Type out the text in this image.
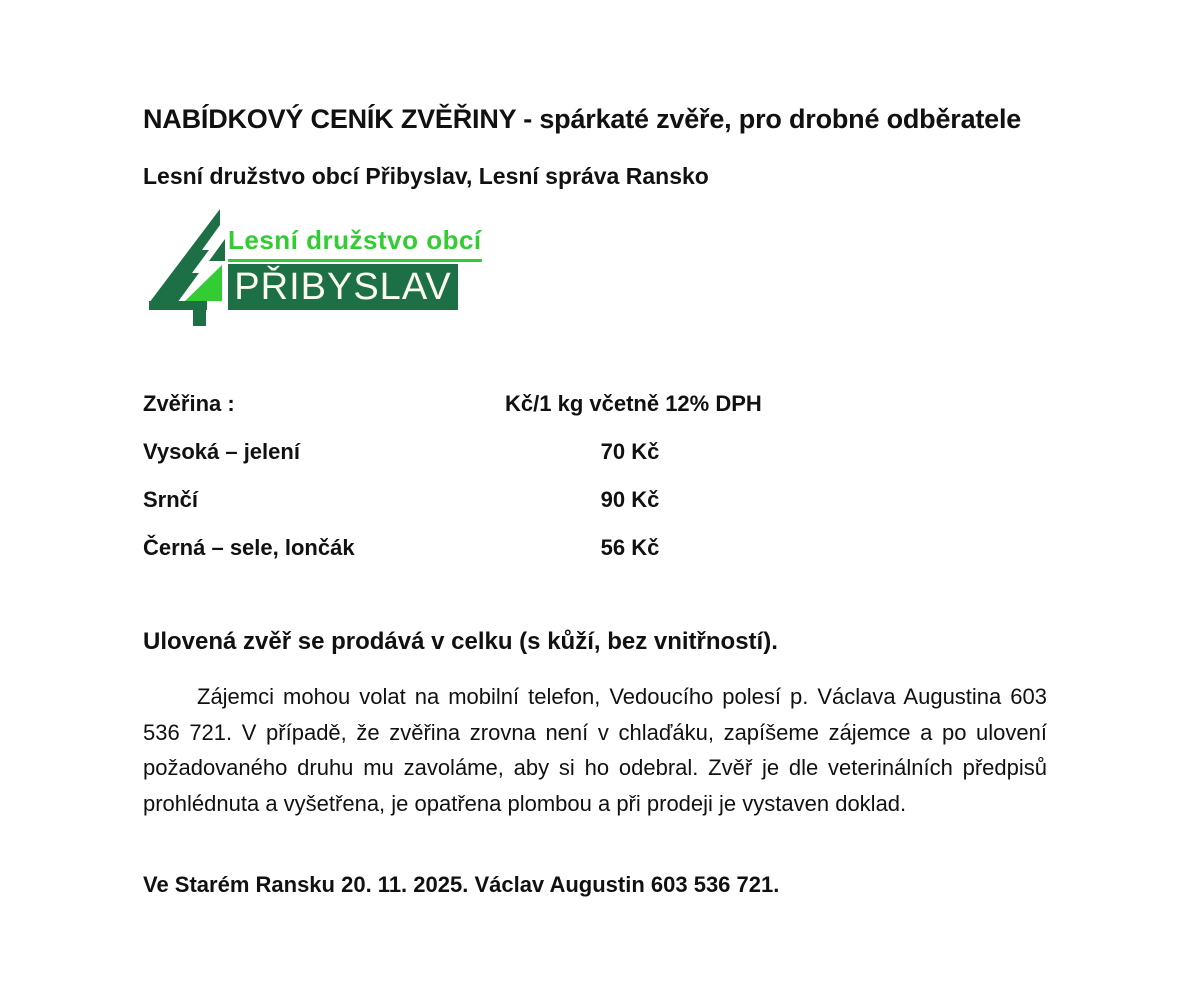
NABÍDKOVÝ CENÍK ZVĚŘINY - spárkaté zvěře, pro drobné odběratele
Lesní družstvo obcí Přibyslav, Lesní správa Ransko
Lesní družstvo obcí
PŘIBYSLAV
Zvěřina :	Kč/1 kg včetně 12% DPH
Vysoká – jelení	70 Kč
Srnčí	90 Kč
Černá – sele, lončák	56 Kč

Ulovená zvěř se prodává v celku (s kůží, bez vnitřností).

Zájemci mohou volat na mobilní telefon, Vedoucího polesí p. Václava Augustina 603 536 721. V případě, že zvěřina zrovna není v chlaďáku, zapíšeme zájemce a po ulovení požadovaného druhu mu zavoláme, aby si ho odebral. Zvěř je dle veterinálních předpisů prohlédnuta a vyšetřena, je opatřena plombou a při prodeji je vystaven doklad.

Ve Starém Ransku 20. 11. 2025. Václav Augustin 603 536 721.
